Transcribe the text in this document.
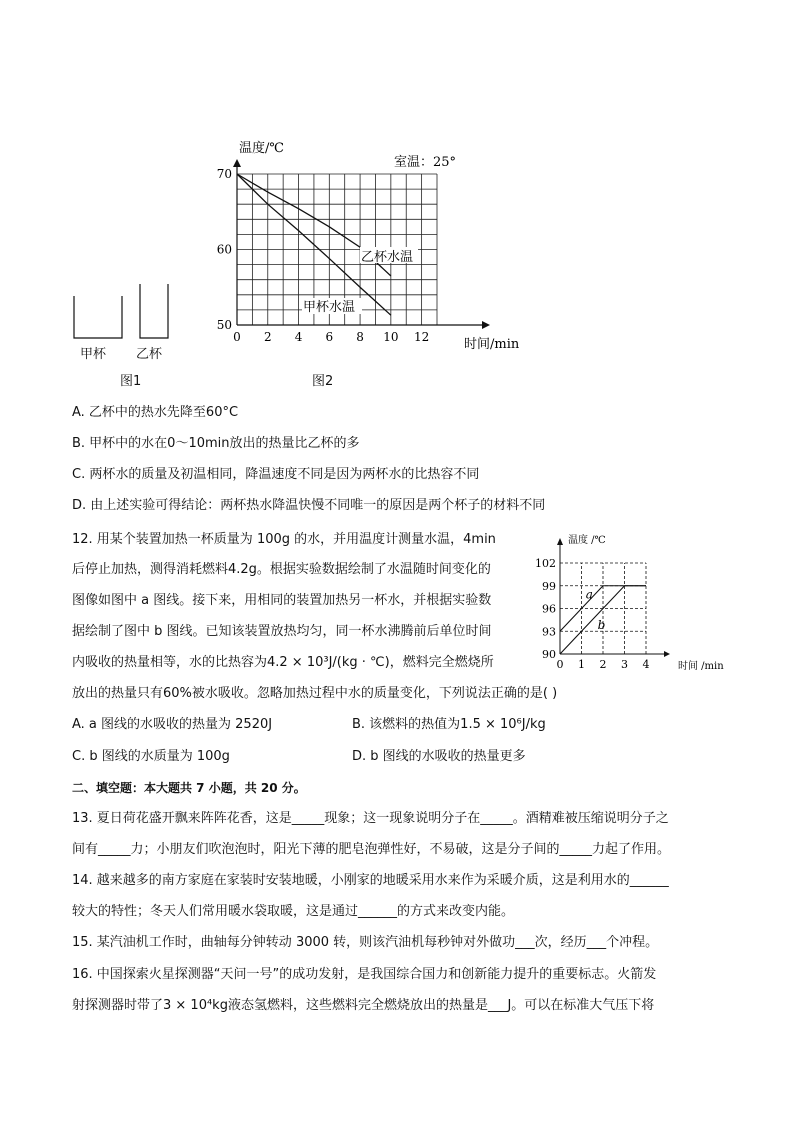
甲杯 乙杯
图1
0 2 4 6 8 10 12
50
60
70
温度/℃
时间/min
室温：25°
乙杯水温
甲杯水温
图2
A. 乙杯中的热水先降至60°C
B. 甲杯中的水在0～10min放出的热量比乙杯的多
C. 两杯水的质量及初温相同，降温速度不同是因为两杯水的比热容不同
D. 由上述实验可得结论：两杯热水降温快慢不同唯一的原因是两个杯子的材料不同
12. 用某个装置加热一杯质量为 100g 的水，并用温度计测量水温，4min
后停止加热，测得消耗燃料4.2g。根据实验数据绘制了水温随时间变化的
图像如图中 a 图线。接下来，用相同的装置加热另一杯水，并根据实验数
据绘制了图中 b 图线。已知该装置放热均匀，同一杯水沸腾前后单位时间
内吸收的热量相等，水的比热容为4.2 × 10³J/(kg · ℃)，燃料完全燃烧所
放出的热量只有60%被水吸收。忽略加热过程中水的质量变化，下列说法正确的是( )
0 1 2 3 4
90
93
96
99
102
温度 /℃
时间 /min
a
b
A. a 图线的水吸收的热量为 2520J	B. 该燃料的热值为1.5 × 10⁶J/kg
C. b 图线的水质量为 100g	D. b 图线的水吸收的热量更多
二、填空题：本大题共 7 小题，共 20 分。
13. 夏日荷花盛开飘来阵阵花香，这是_____现象；这一现象说明分子在_____。酒精难被压缩说明分子之
间有_____力；小朋友们吹泡泡时，阳光下薄的肥皂泡弹性好，不易破，这是分子间的_____力起了作用。
14. 越来越多的南方家庭在家装时安装地暖，小刚家的地暖采用水来作为采暖介质，这是利用水的______
较大的特性；冬天人们常用暖水袋取暖，这是通过______的方式来改变内能。
15. 某汽油机工作时，曲轴每分钟转动 3000 转，则该汽油机每秒钟对外做功___次，经历___个冲程。
16. 中国探索火星探测器“天问一号”的成功发射，是我国综合国力和创新能力提升的重要标志。火箭发
射探测器时带了3 × 10⁴kg液态氢燃料，这些燃料完全燃烧放出的热量是___J。可以在标准大气压下将
